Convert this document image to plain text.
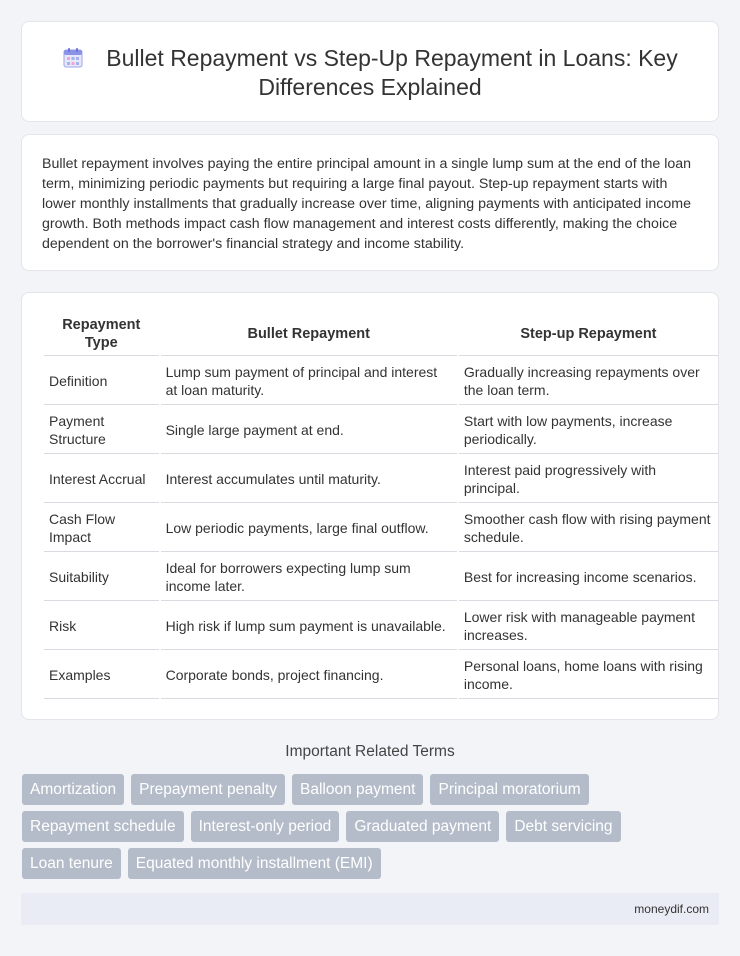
Bullet Repayment vs Step-Up Repayment in Loans: Key Differences Explained

Bullet repayment involves paying the entire principal amount in a single lump sum at the end of the loan term, minimizing periodic payments but requiring a large final payout. Step-up repayment starts with lower monthly installments that gradually increase over time, aligning payments with anticipated income growth. Both methods impact cash flow management and interest costs differently, making the choice dependent on the borrower's financial strategy and income stability.

Repayment Type	Bullet Repayment	Step-up Repayment
Definition	Lump sum payment of principal and interest at loan maturity.	Gradually increasing repayments over the loan term.
Payment Structure	Single large payment at end.	Start with low payments, increase periodically.
Interest Accrual	Interest accumulates until maturity.	Interest paid progressively with principal.
Cash Flow Impact	Low periodic payments, large final outflow.	Smoother cash flow with rising payment schedule.
Suitability	Ideal for borrowers expecting lump sum income later.	Best for increasing income scenarios.
Risk	High risk if lump sum payment is unavailable.	Lower risk with manageable payment increases.
Examples	Corporate bonds, project financing.	Personal loans, home loans with rising income.
Important Related Terms
Amortization	Prepayment penalty	Balloon payment	Principal moratorium
Repayment schedule	Interest-only period	Graduated payment	Debt servicing
Loan tenure	Equated monthly installment (EMI)
moneydif.com
